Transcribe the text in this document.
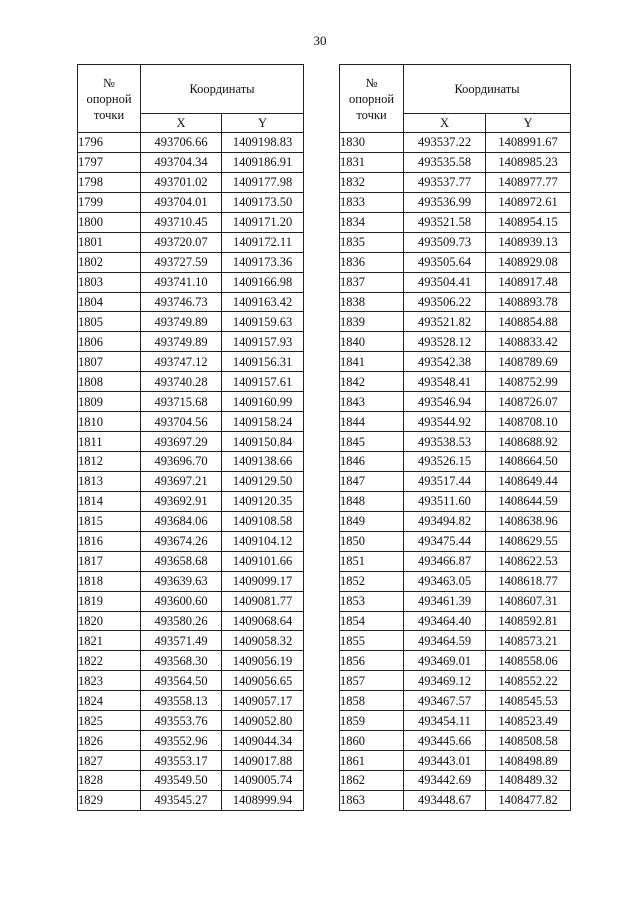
30
№
опорной
точки	Координаты	
	X	Y
1796	493706.66	1409198.83
1797	493704.34	1409186.91
1798	493701.02	1409177.98
1799	493704.01	1409173.50
1800	493710.45	1409171.20
1801	493720.07	1409172.11
1802	493727.59	1409173.36
1803	493741.10	1409166.98
1804	493746.73	1409163.42
1805	493749.89	1409159.63
1806	493749.89	1409157.93
1807	493747.12	1409156.31
1808	493740.28	1409157.61
1809	493715.68	1409160.99
1810	493704.56	1409158.24
1811	493697.29	1409150.84
1812	493696.70	1409138.66
1813	493697.21	1409129.50
1814	493692.91	1409120.35
1815	493684.06	1409108.58
1816	493674.26	1409104.12
1817	493658.68	1409101.66
1818	493639.63	1409099.17
1819	493600.60	1409081.77
1820	493580.26	1409068.64
1821	493571.49	1409058.32
1822	493568.30	1409056.19
1823	493564.50	1409056.65
1824	493558.13	1409057.17
1825	493553.76	1409052.80
1826	493552.96	1409044.34
1827	493553.17	1409017.88
1828	493549.50	1409005.74
1829	493545.27	1408999.94
№
опорной
точки	Координаты	
	X	Y
1830	493537.22	1408991.67
1831	493535.58	1408985.23
1832	493537.77	1408977.77
1833	493536.99	1408972.61
1834	493521.58	1408954.15
1835	493509.73	1408939.13
1836	493505.64	1408929.08
1837	493504.41	1408917.48
1838	493506.22	1408893.78
1839	493521.82	1408854.88
1840	493528.12	1408833.42
1841	493542.38	1408789.69
1842	493548.41	1408752.99
1843	493546.94	1408726.07
1844	493544.92	1408708.10
1845	493538.53	1408688.92
1846	493526.15	1408664.50
1847	493517.44	1408649.44
1848	493511.60	1408644.59
1849	493494.82	1408638.96
1850	493475.44	1408629.55
1851	493466.87	1408622.53
1852	493463.05	1408618.77
1853	493461.39	1408607.31
1854	493464.40	1408592.81
1855	493464.59	1408573.21
1856	493469.01	1408558.06
1857	493469.12	1408552.22
1858	493467.57	1408545.53
1859	493454.11	1408523.49
1860	493445.66	1408508.58
1861	493443.01	1408498.89
1862	493442.69	1408489.32
1863	493448.67	1408477.82
